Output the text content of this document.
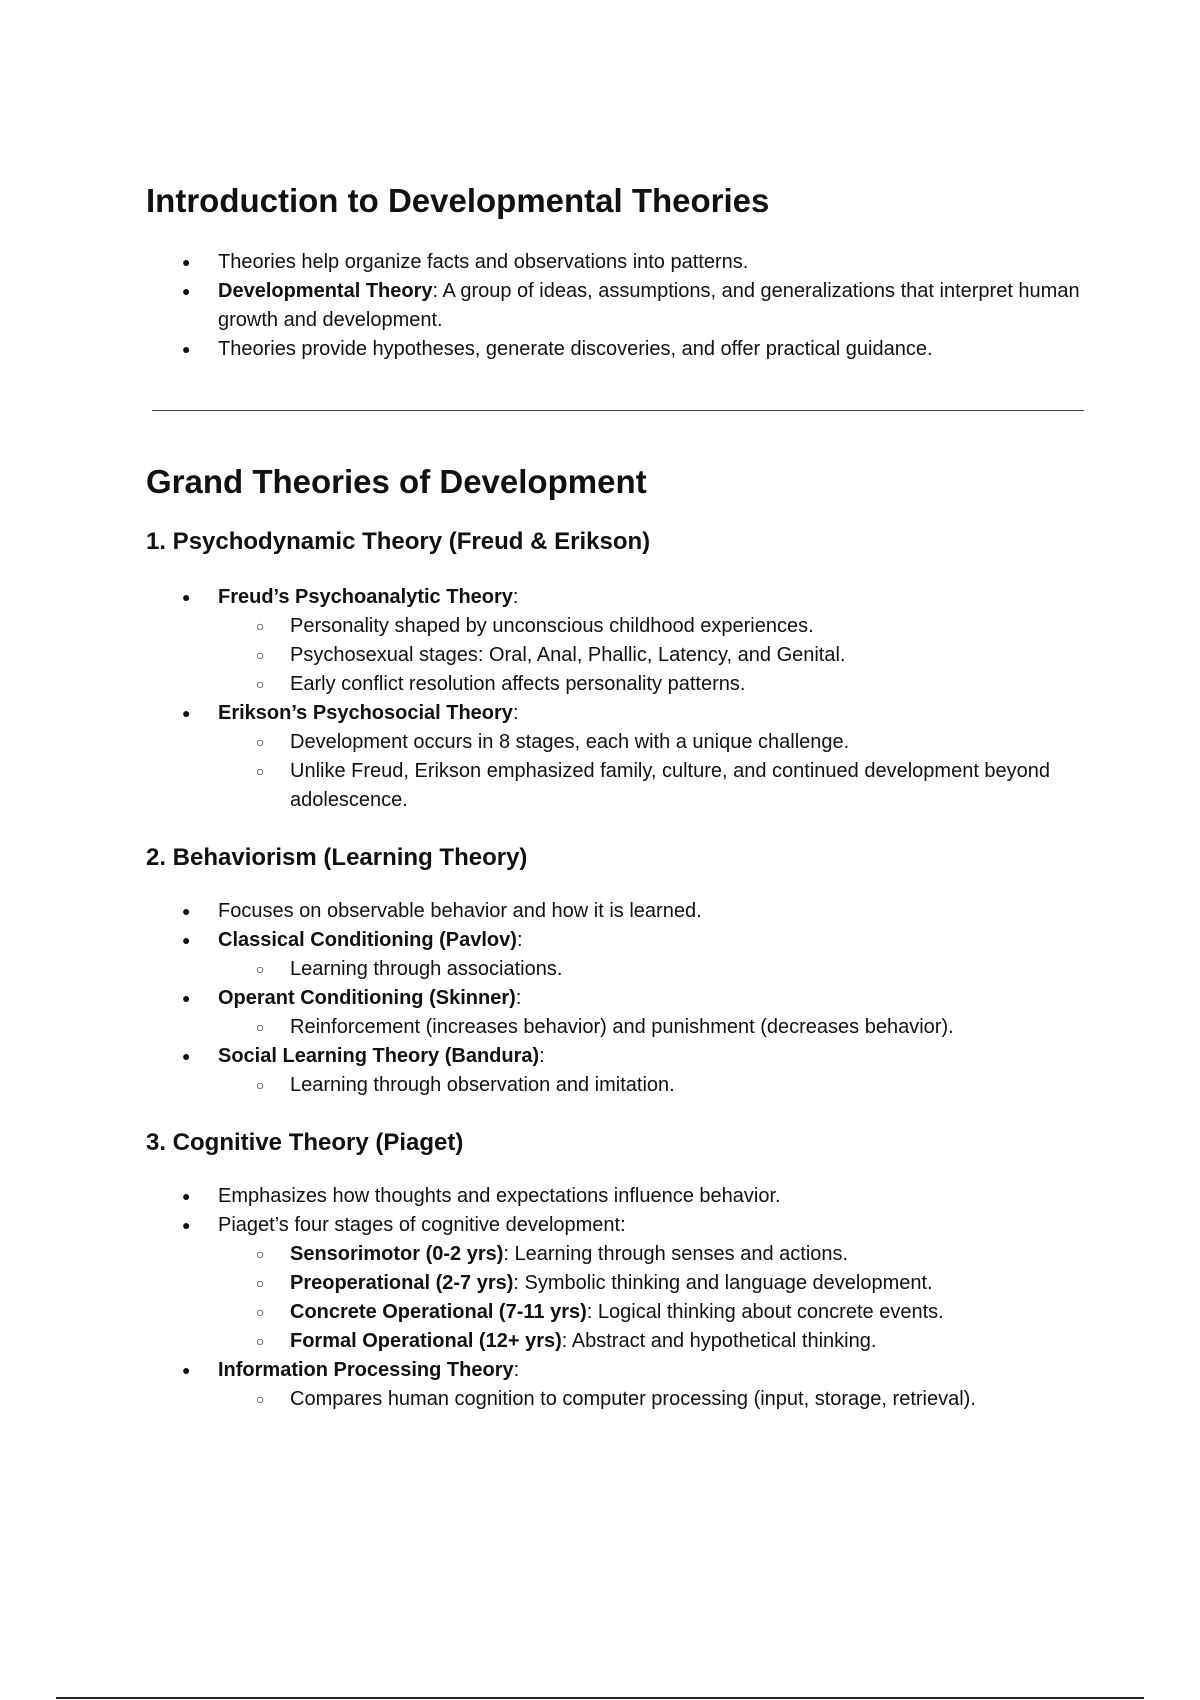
Introduction to Developmental Theories
● Theories help organize facts and observations into patterns.
● Developmental Theory: A group of ideas, assumptions, and generalizations that interpret human growth and development.
● Theories provide hypotheses, generate discoveries, and offer practical guidance.
Grand Theories of Development
1. Psychodynamic Theory (Freud & Erikson)
● Freud’s Psychoanalytic Theory:
○ Personality shaped by unconscious childhood experiences.
○ Psychosexual stages: Oral, Anal, Phallic, Latency, and Genital.
○ Early conflict resolution affects personality patterns.
● Erikson’s Psychosocial Theory:
○ Development occurs in 8 stages, each with a unique challenge.
○ Unlike Freud, Erikson emphasized family, culture, and continued development beyond adolescence.
2. Behaviorism (Learning Theory)
● Focuses on observable behavior and how it is learned.
● Classical Conditioning (Pavlov):
○ Learning through associations.
● Operant Conditioning (Skinner):
○ Reinforcement (increases behavior) and punishment (decreases behavior).
● Social Learning Theory (Bandura):
○ Learning through observation and imitation.
3. Cognitive Theory (Piaget)
● Emphasizes how thoughts and expectations influence behavior.
● Piaget’s four stages of cognitive development:
○ Sensorimotor (0-2 yrs): Learning through senses and actions.
○ Preoperational (2-7 yrs): Symbolic thinking and language development.
○ Concrete Operational (7-11 yrs): Logical thinking about concrete events.
○ Formal Operational (12+ yrs): Abstract and hypothetical thinking.
● Information Processing Theory:
○ Compares human cognition to computer processing (input, storage, retrieval).
